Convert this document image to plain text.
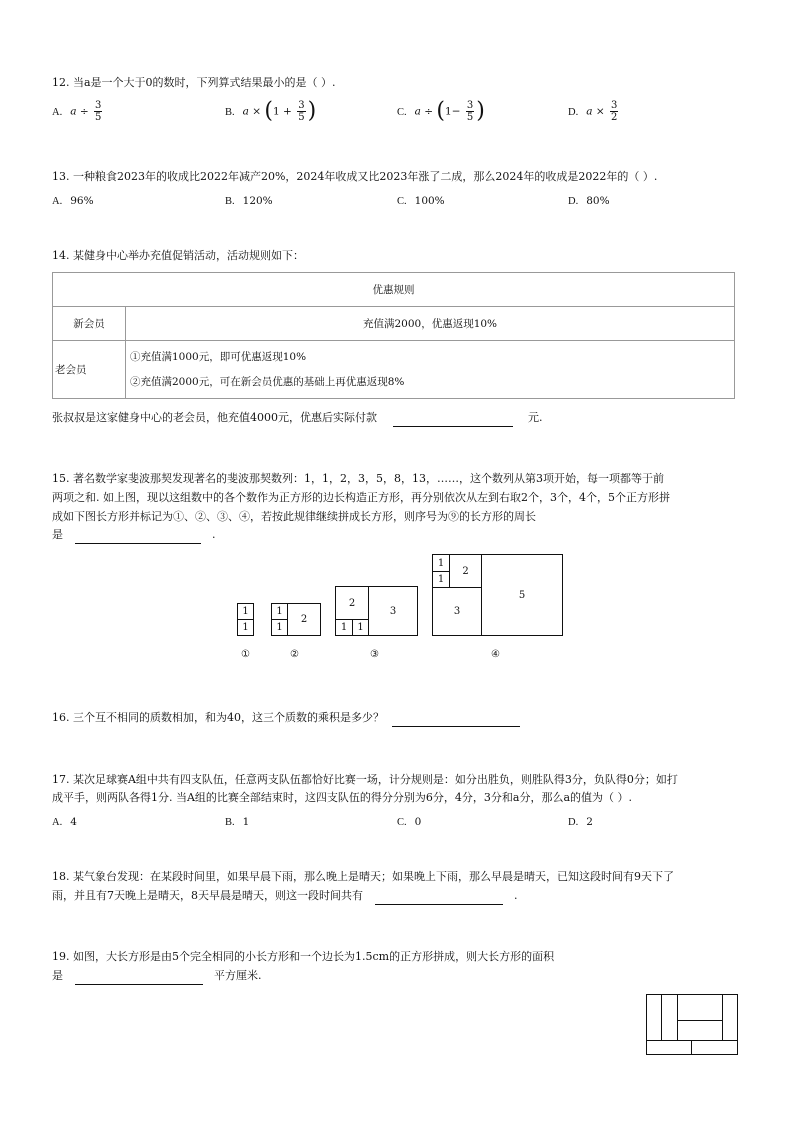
12. 当a是一个大于0的数时，下列算式结果最小的是（ ）.
A. $a \div \frac{3}{5}$	B. $a \times (1 + \frac{3}{5}$ )	C. $a \div (1- \frac{3}{5}$ )	D. $a \times \frac{3}{2}$
13. 一种粮食2023年的收成比2022年减产20%，2024年收成又比2023年涨了二成，那么2024年的收成是2022年的（ ）.
A. 96%	B. 120%	C. 100%	D. 80%
14. 某健身中心举办充值促销活动，活动规则如下：
优惠规则	
新会员	充值满2000，优惠返现10%
老会员	①充值满1000元，即可优惠返现10%
②充值满2000元，可在新会员优惠的基础上再优惠返现8%
张叔叔是这家健身中心的老会员，他充值4000元，优惠后实际付款	元.
15. 著名数学家斐波那契发现著名的斐波那契数列：1，1，2，3，5，8，13，……，这个数列从第3项开始，每一项都等于前
两项之和. 如上图，现以这组数中的各个数作为正方形的边长构造正方形，再分别依次从左到右取2个，3个，4个，5个正方形拼
成如下图长方形并标记为①、②、③、④，若按此规律继续拼成长方形，则序号为⑨的长方形的周长
是	.
1
1
1
1
2
2
1	1
3
1
1
2
3
5
①	②	③	④
16. 三个互不相同的质数相加，和为40，这三个质数的乘积是多少？
17. 某次足球赛A组中共有四支队伍，任意两支队伍都恰好比赛一场，计分规则是：如分出胜负，则胜队得3分，负队得0分；如打
成平手，则两队各得1分. 当A组的比赛全部结束时，这四支队伍的得分分别为6分，4分，3分和a分，那么a的值为（ ）.
A. 4	B. 1	C. 0	D. 2
18. 某气象台发现：在某段时间里，如果早晨下雨，那么晚上是晴天；如果晚上下雨，那么早晨是晴天，已知这段时间有9天下了
雨，并且有7天晚上是晴天，8天早晨是晴天，则这一段时间共有	.
19. 如图，大长方形是由5个完全相同的小长方形和一个边长为1.5cm的正方形拼成，则大长方形的面积
是	平方厘米.
